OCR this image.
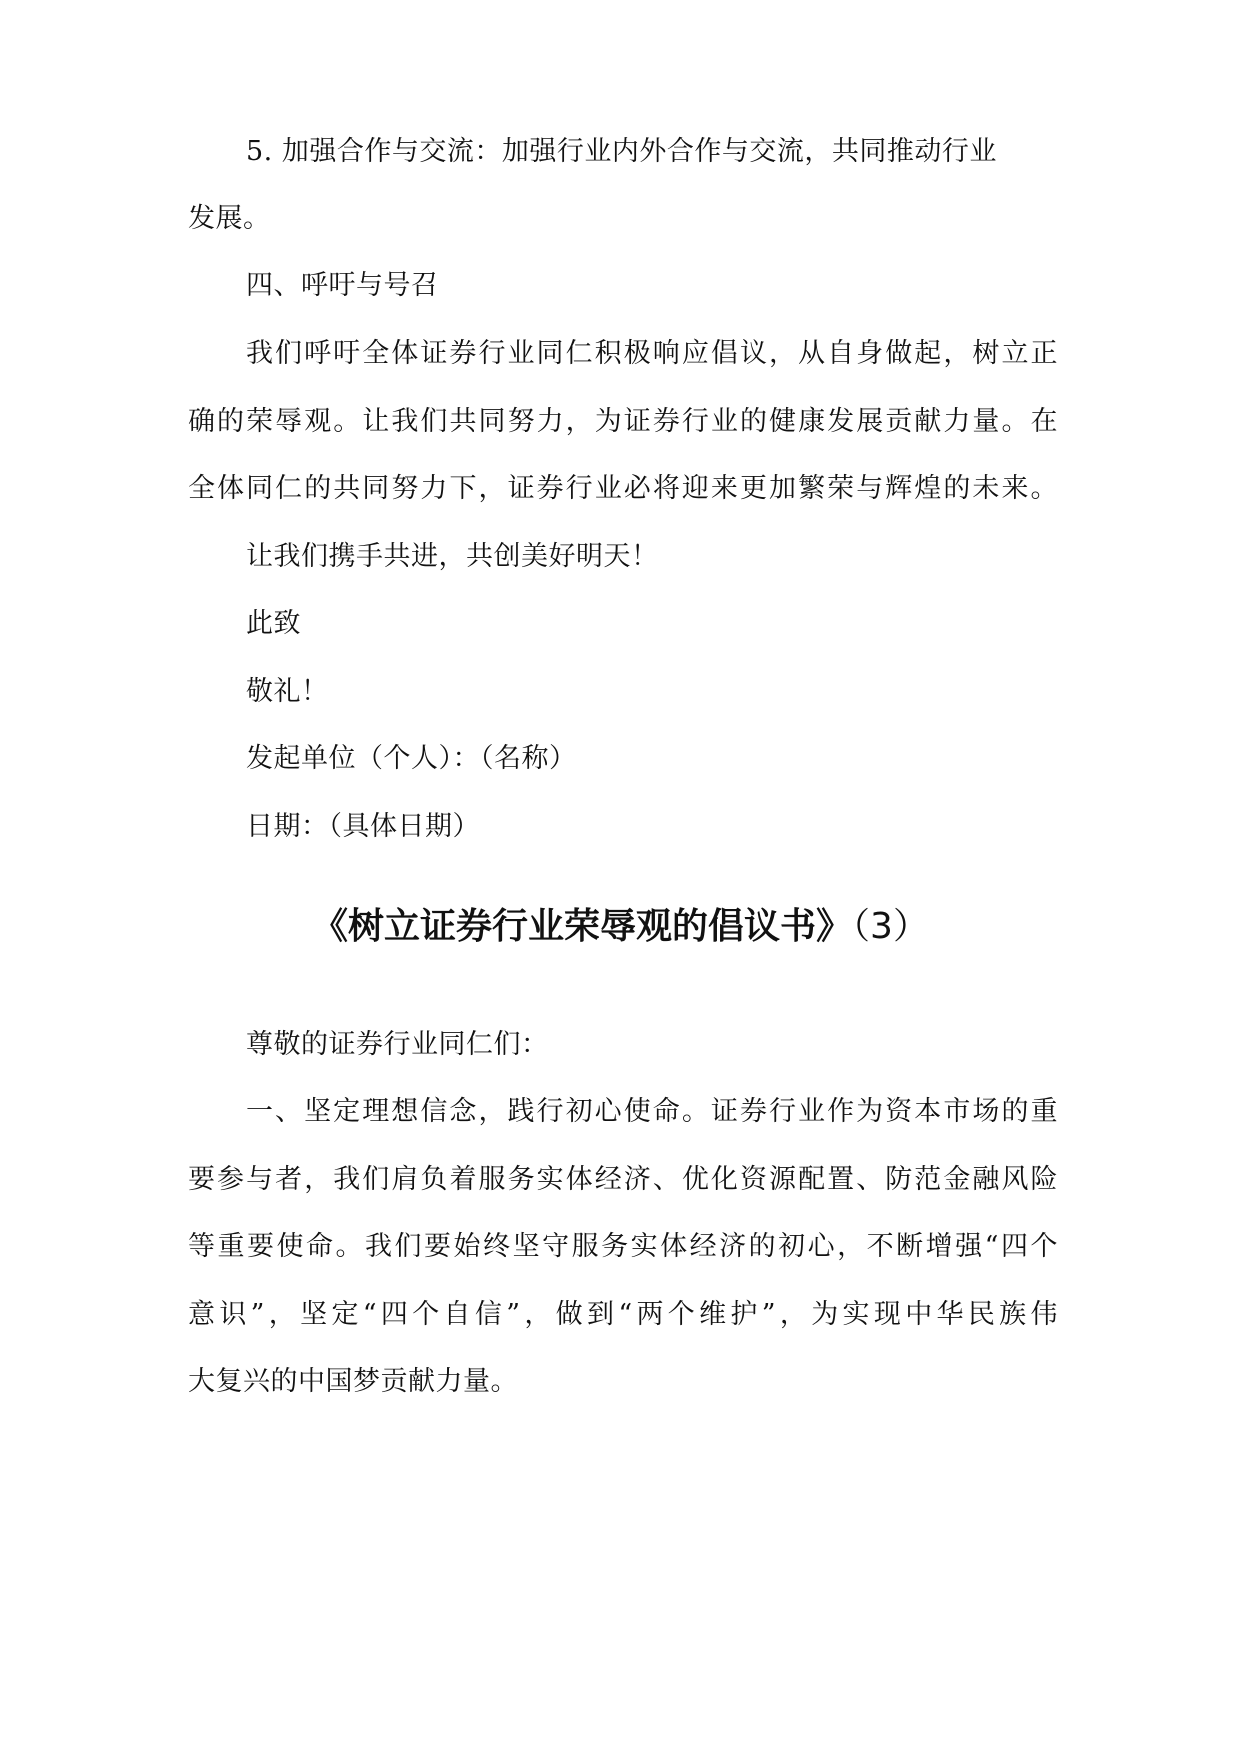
5. 加强合作与交流：加强行业内外合作与交流，共同推动行业
发展。
四、呼吁与号召
我们呼吁全体证券行业同仁积极响应倡议，从自身做起，树立正
确的荣辱观。让我们共同努力，为证券行业的健康发展贡献力量。在
全体同仁的共同努力下，证券行业必将迎来更加繁荣与辉煌的未来。
让我们携手共进，共创美好明天！
此致
敬礼！
发起单位（个人）：（名称）
日期：（具体日期）
《树立证券行业荣辱观的倡议书》（3）
尊敬的证券行业同仁们：
一、坚定理想信念，践行初心使命。证券行业作为资本市场的重
要参与者，我们肩负着服务实体经济、优化资源配置、防范金融风险
等重要使命。我们要始终坚守服务实体经济的初心，不断增强“四个
意识”，坚定“四个自信”，做到“两个维护”，为实现中华民族伟
大复兴的中国梦贡献力量。
